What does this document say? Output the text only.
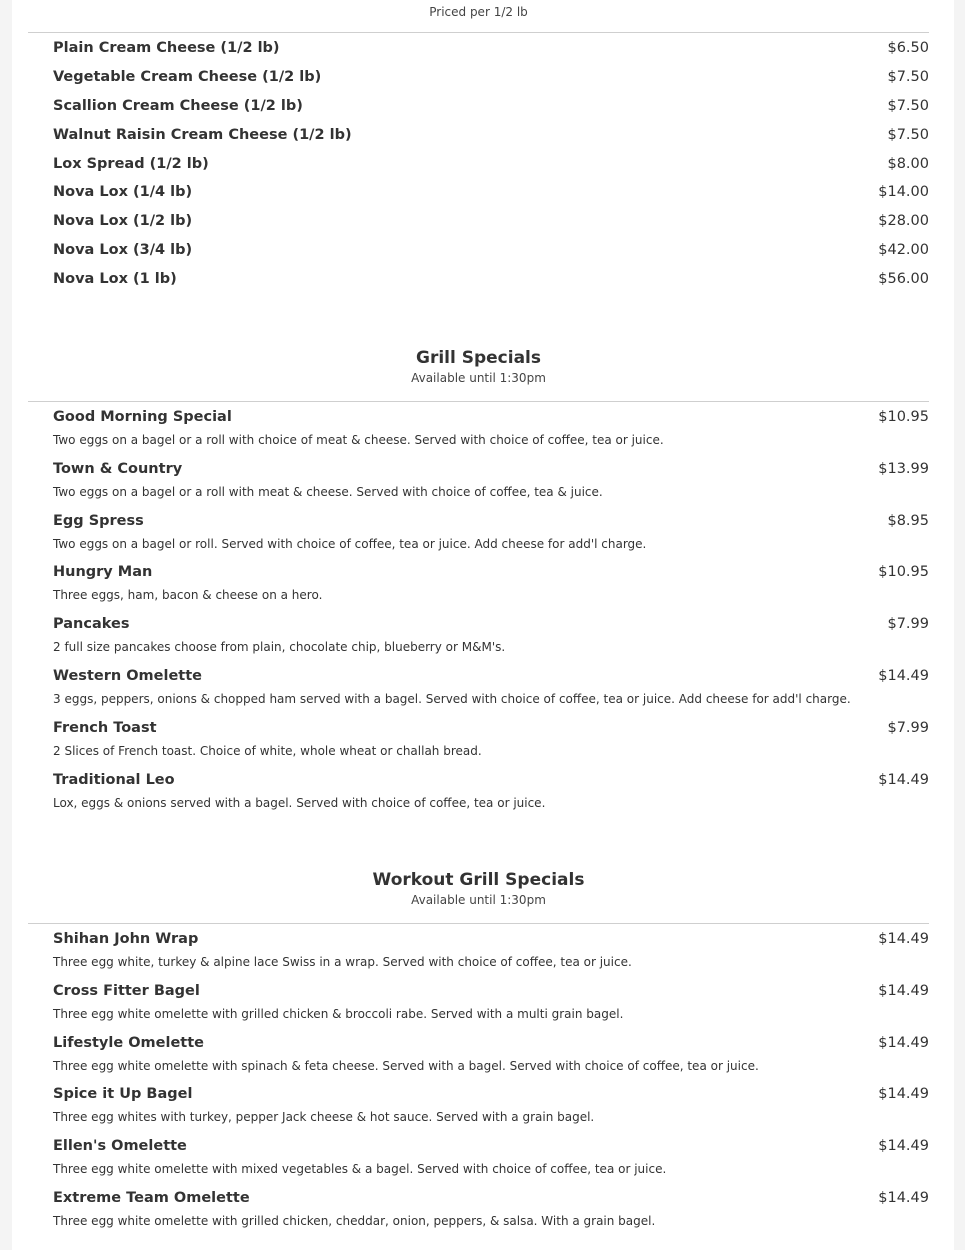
Priced per 1/2 lb
Plain Cream Cheese (1/2 lb)	$6.50
Vegetable Cream Cheese (1/2 lb)	$7.50
Scallion Cream Cheese (1/2 lb)	$7.50
Walnut Raisin Cream Cheese (1/2 lb)	$7.50
Lox Spread (1/2 lb)	$8.00
Nova Lox (1/4 lb)	$14.00
Nova Lox (1/2 lb)	$28.00
Nova Lox (3/4 lb)	$42.00
Nova Lox (1 lb)	$56.00
Grill Specials
Available until 1:30pm
Good Morning Special	$10.95
Two eggs on a bagel or a roll with choice of meat & cheese. Served with choice of coffee, tea or juice.
Town & Country	$13.99
Two eggs on a bagel or a roll with meat & cheese. Served with choice of coffee, tea & juice.
Egg Spress	$8.95
Two eggs on a bagel or roll. Served with choice of coffee, tea or juice. Add cheese for add'l charge.
Hungry Man	$10.95
Three eggs, ham, bacon & cheese on a hero.
Pancakes	$7.99
2 full size pancakes choose from plain, chocolate chip, blueberry or M&M's.
Western Omelette	$14.49
3 eggs, peppers, onions & chopped ham served with a bagel. Served with choice of coffee, tea or juice. Add cheese for add'l charge.
French Toast	$7.99
2 Slices of French toast. Choice of white, whole wheat or challah bread.
Traditional Leo	$14.49
Lox, eggs & onions served with a bagel. Served with choice of coffee, tea or juice.
Workout Grill Specials
Available until 1:30pm
Shihan John Wrap	$14.49
Three egg white, turkey & alpine lace Swiss in a wrap. Served with choice of coffee, tea or juice.
Cross Fitter Bagel	$14.49
Three egg white omelette with grilled chicken & broccoli rabe. Served with a multi grain bagel.
Lifestyle Omelette	$14.49
Three egg white omelette with spinach & feta cheese. Served with a bagel. Served with choice of coffee, tea or juice.
Spice it Up Bagel	$14.49
Three egg whites with turkey, pepper Jack cheese & hot sauce. Served with a grain bagel.
Ellen's Omelette	$14.49
Three egg white omelette with mixed vegetables & a bagel. Served with choice of coffee, tea or juice.
Extreme Team Omelette	$14.49
Three egg white omelette with grilled chicken, cheddar, onion, peppers, & salsa. With a grain bagel.
